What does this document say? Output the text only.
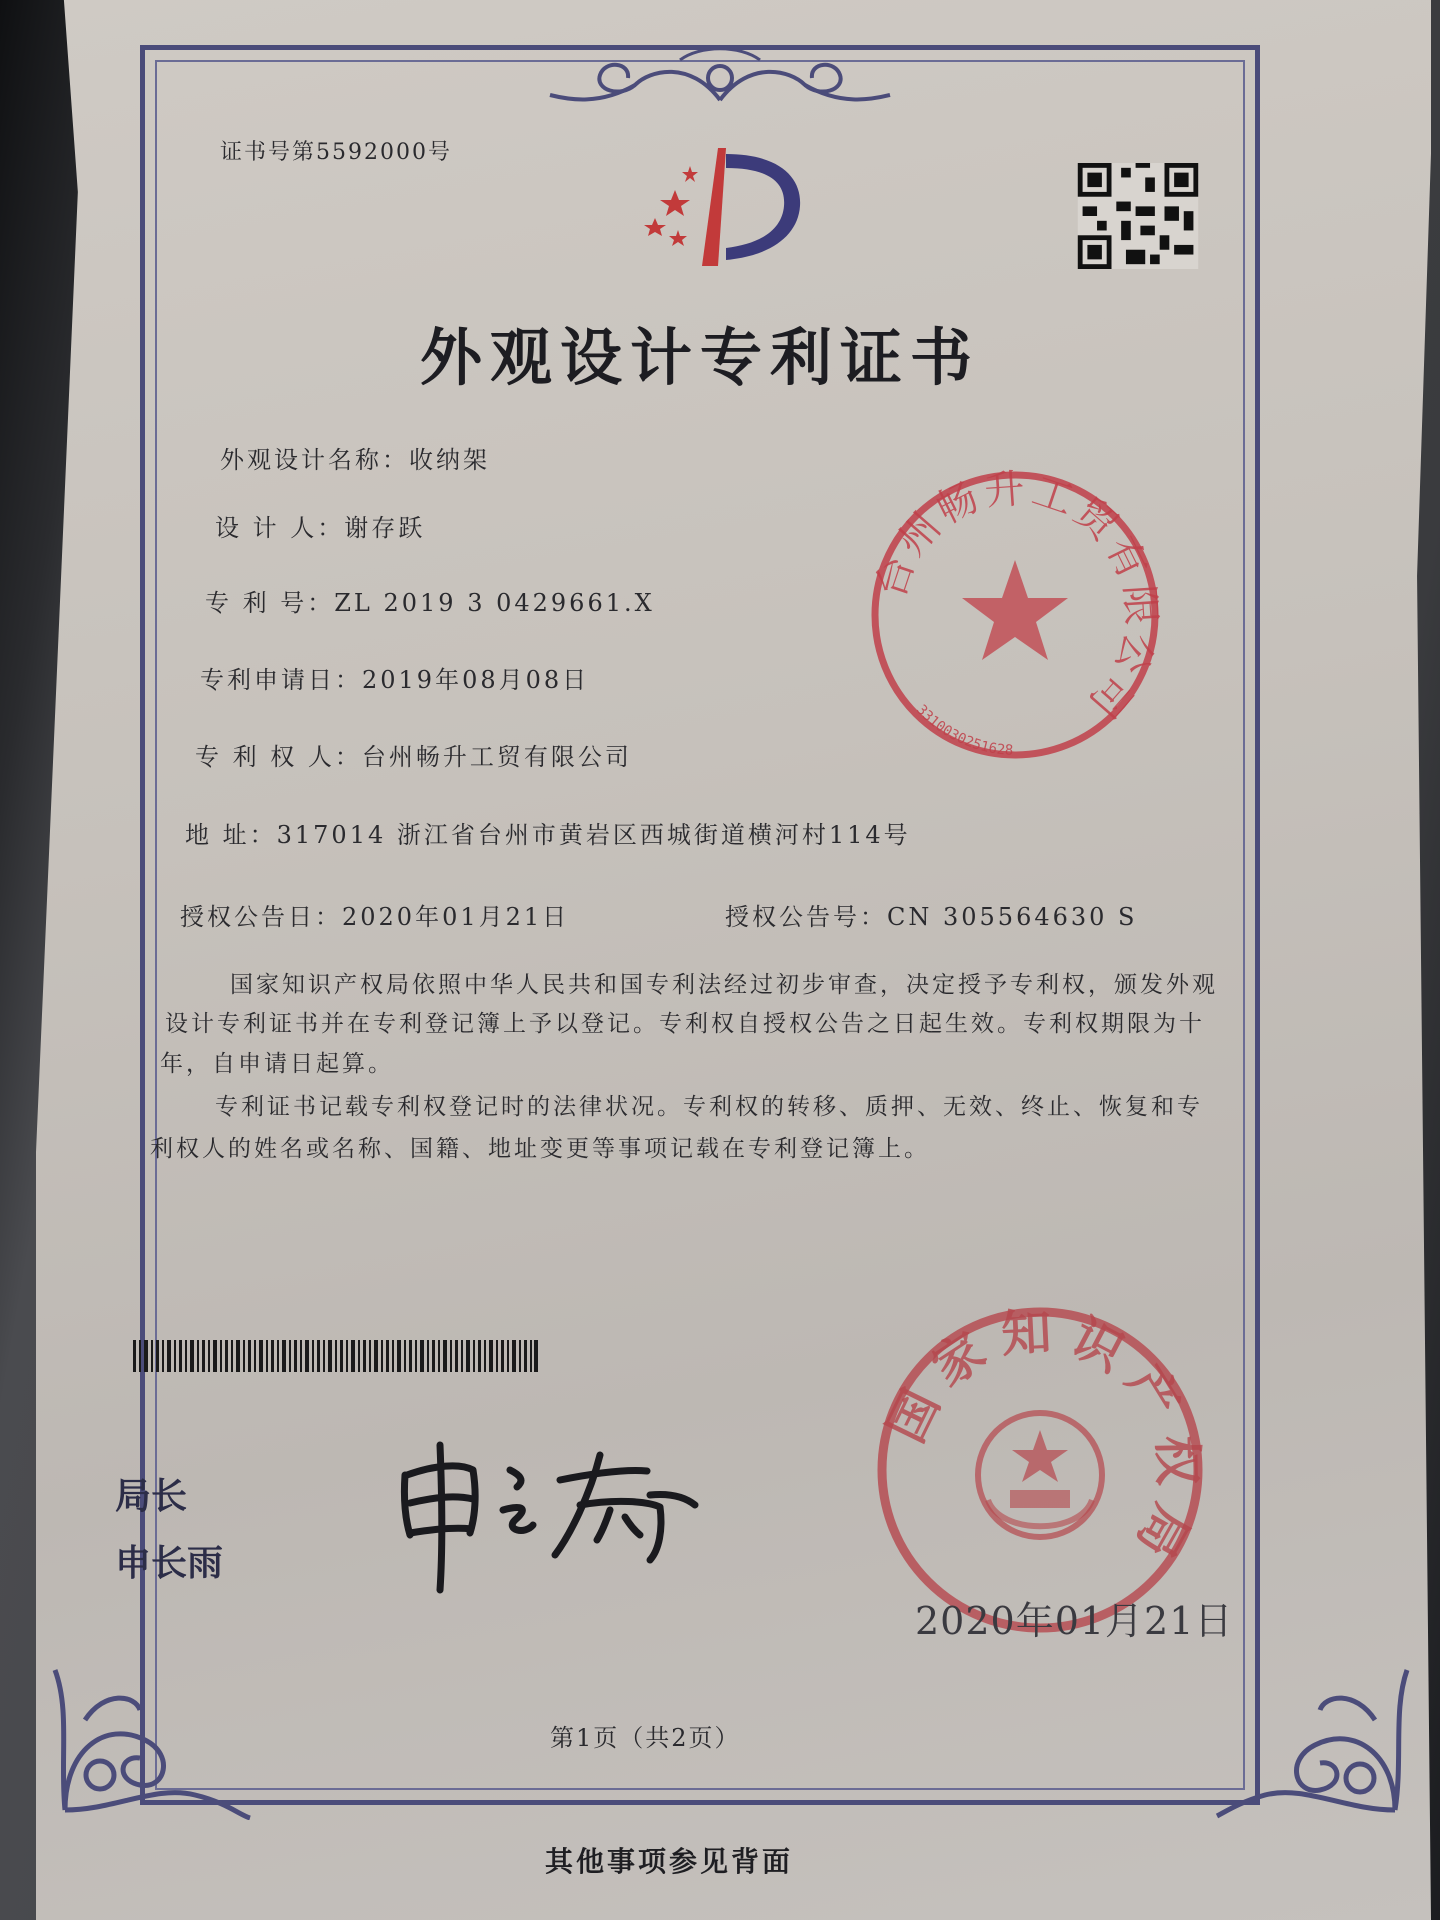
证书号第5592000号

外观设计专利证书

外观设计名称：收纳架

设 计 人：谢存跃

专 利 号：ZL 2019 3 0429661.X

专利申请日：2019年08月08日

专 利 权 人：台州畅升工贸有限公司

地 址：317014 浙江省台州市黄岩区西城街道横河村114号

授权公告日：2020年01月21日	授权公告号：CN 305564630 S

国家知识产权局依照中华人民共和国专利法经过初步审查，决定授予专利权，颁发外观

设计专利证书并在专利登记簿上予以登记。专利权自授权公告之日起生效。专利权期限为十

年，自申请日起算。

专利证书记载专利权登记时的法律状况。专利权的转移、质押、无效、终止、恢复和专

利权人的姓名或名称、国籍、地址变更等事项记载在专利登记簿上。

台州畅升工贸有限公司
3310030251628

局长

申长雨

申长雨	国家知识产权局

2020年01月21日

第1页（共2页）

其他事项参见背面
